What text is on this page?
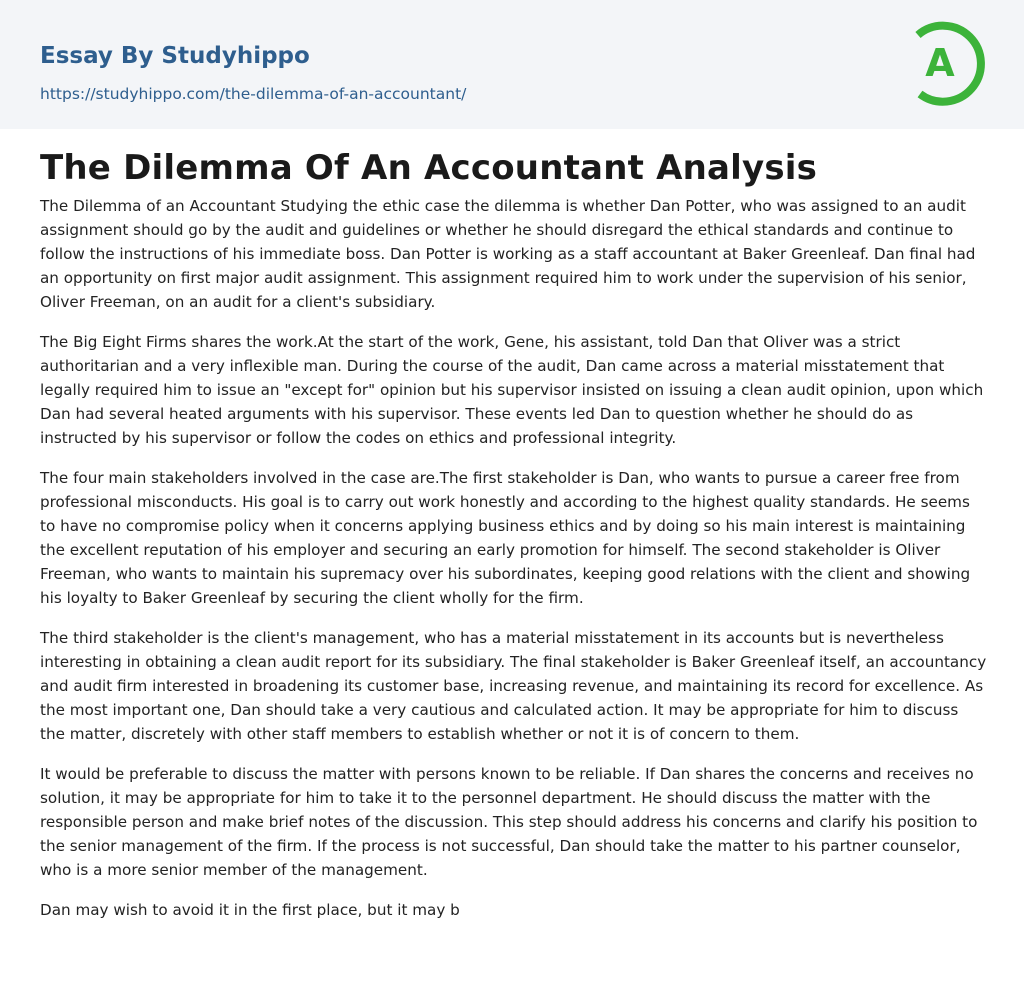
Essay By Studyhippo
https://studyhippo.com/the-dilemma-of-an-accountant/
A
The Dilemma Of An Accountant Analysis

The Dilemma of an Accountant Studying the ethic case the dilemma is whether Dan Potter, who was assigned to an audit assignment should go by the audit and guidelines or whether he should disregard the ethical standards and continue to follow the instructions of his immediate boss. Dan Potter is working as a staff accountant at Baker Greenleaf. Dan final had an opportunity on first major audit assignment. This assignment required him to work under the supervision of his senior, Oliver Freeman, on an audit for a client's subsidiary.

The Big Eight Firms shares the work.At the start of the work, Gene, his assistant, told Dan that Oliver was a strict authoritarian and a very inflexible man. During the course of the audit, Dan came across a material misstatement that legally required him to issue an "except for" opinion but his supervisor insisted on issuing a clean audit opinion, upon which Dan had several heated arguments with his supervisor. These events led Dan to question whether he should do as instructed by his supervisor or follow the codes on ethics and professional integrity.

The four main stakeholders involved in the case are.The first stakeholder is Dan, who wants to pursue a career free from professional misconducts. His goal is to carry out work honestly and according to the highest quality standards. He seems to have no compromise policy when it concerns applying business ethics and by doing so his main interest is maintaining the excellent reputation of his employer and securing an early promotion for himself. The second stakeholder is Oliver Freeman, who wants to maintain his supremacy over his subordinates, keeping good relations with the client and showing his loyalty to Baker Greenleaf by securing the client wholly for the firm.

The third stakeholder is the client's management, who has a material misstatement in its accounts but is nevertheless interesting in obtaining a clean audit report for its subsidiary. The final stakeholder is Baker Greenleaf itself, an accountancy and audit firm interested in broadening its customer base, increasing revenue, and maintaining its record for excellence. As the most important one, Dan should take a very cautious and calculated action. It may be appropriate for him to discuss the matter, discretely with other staff members to establish whether or not it is of concern to them.

It would be preferable to discuss the matter with persons known to be reliable. If Dan shares the concerns and receives no solution, it may be appropriate for him to take it to the personnel department. He should discuss the matter with the responsible person and make brief notes of the discussion. This step should address his concerns and clarify his position to the senior management of the firm. If the process is not successful, Dan should take the matter to his partner counselor, who is a more senior member of the management.

Dan may wish to avoid it in the first place, but it may b
